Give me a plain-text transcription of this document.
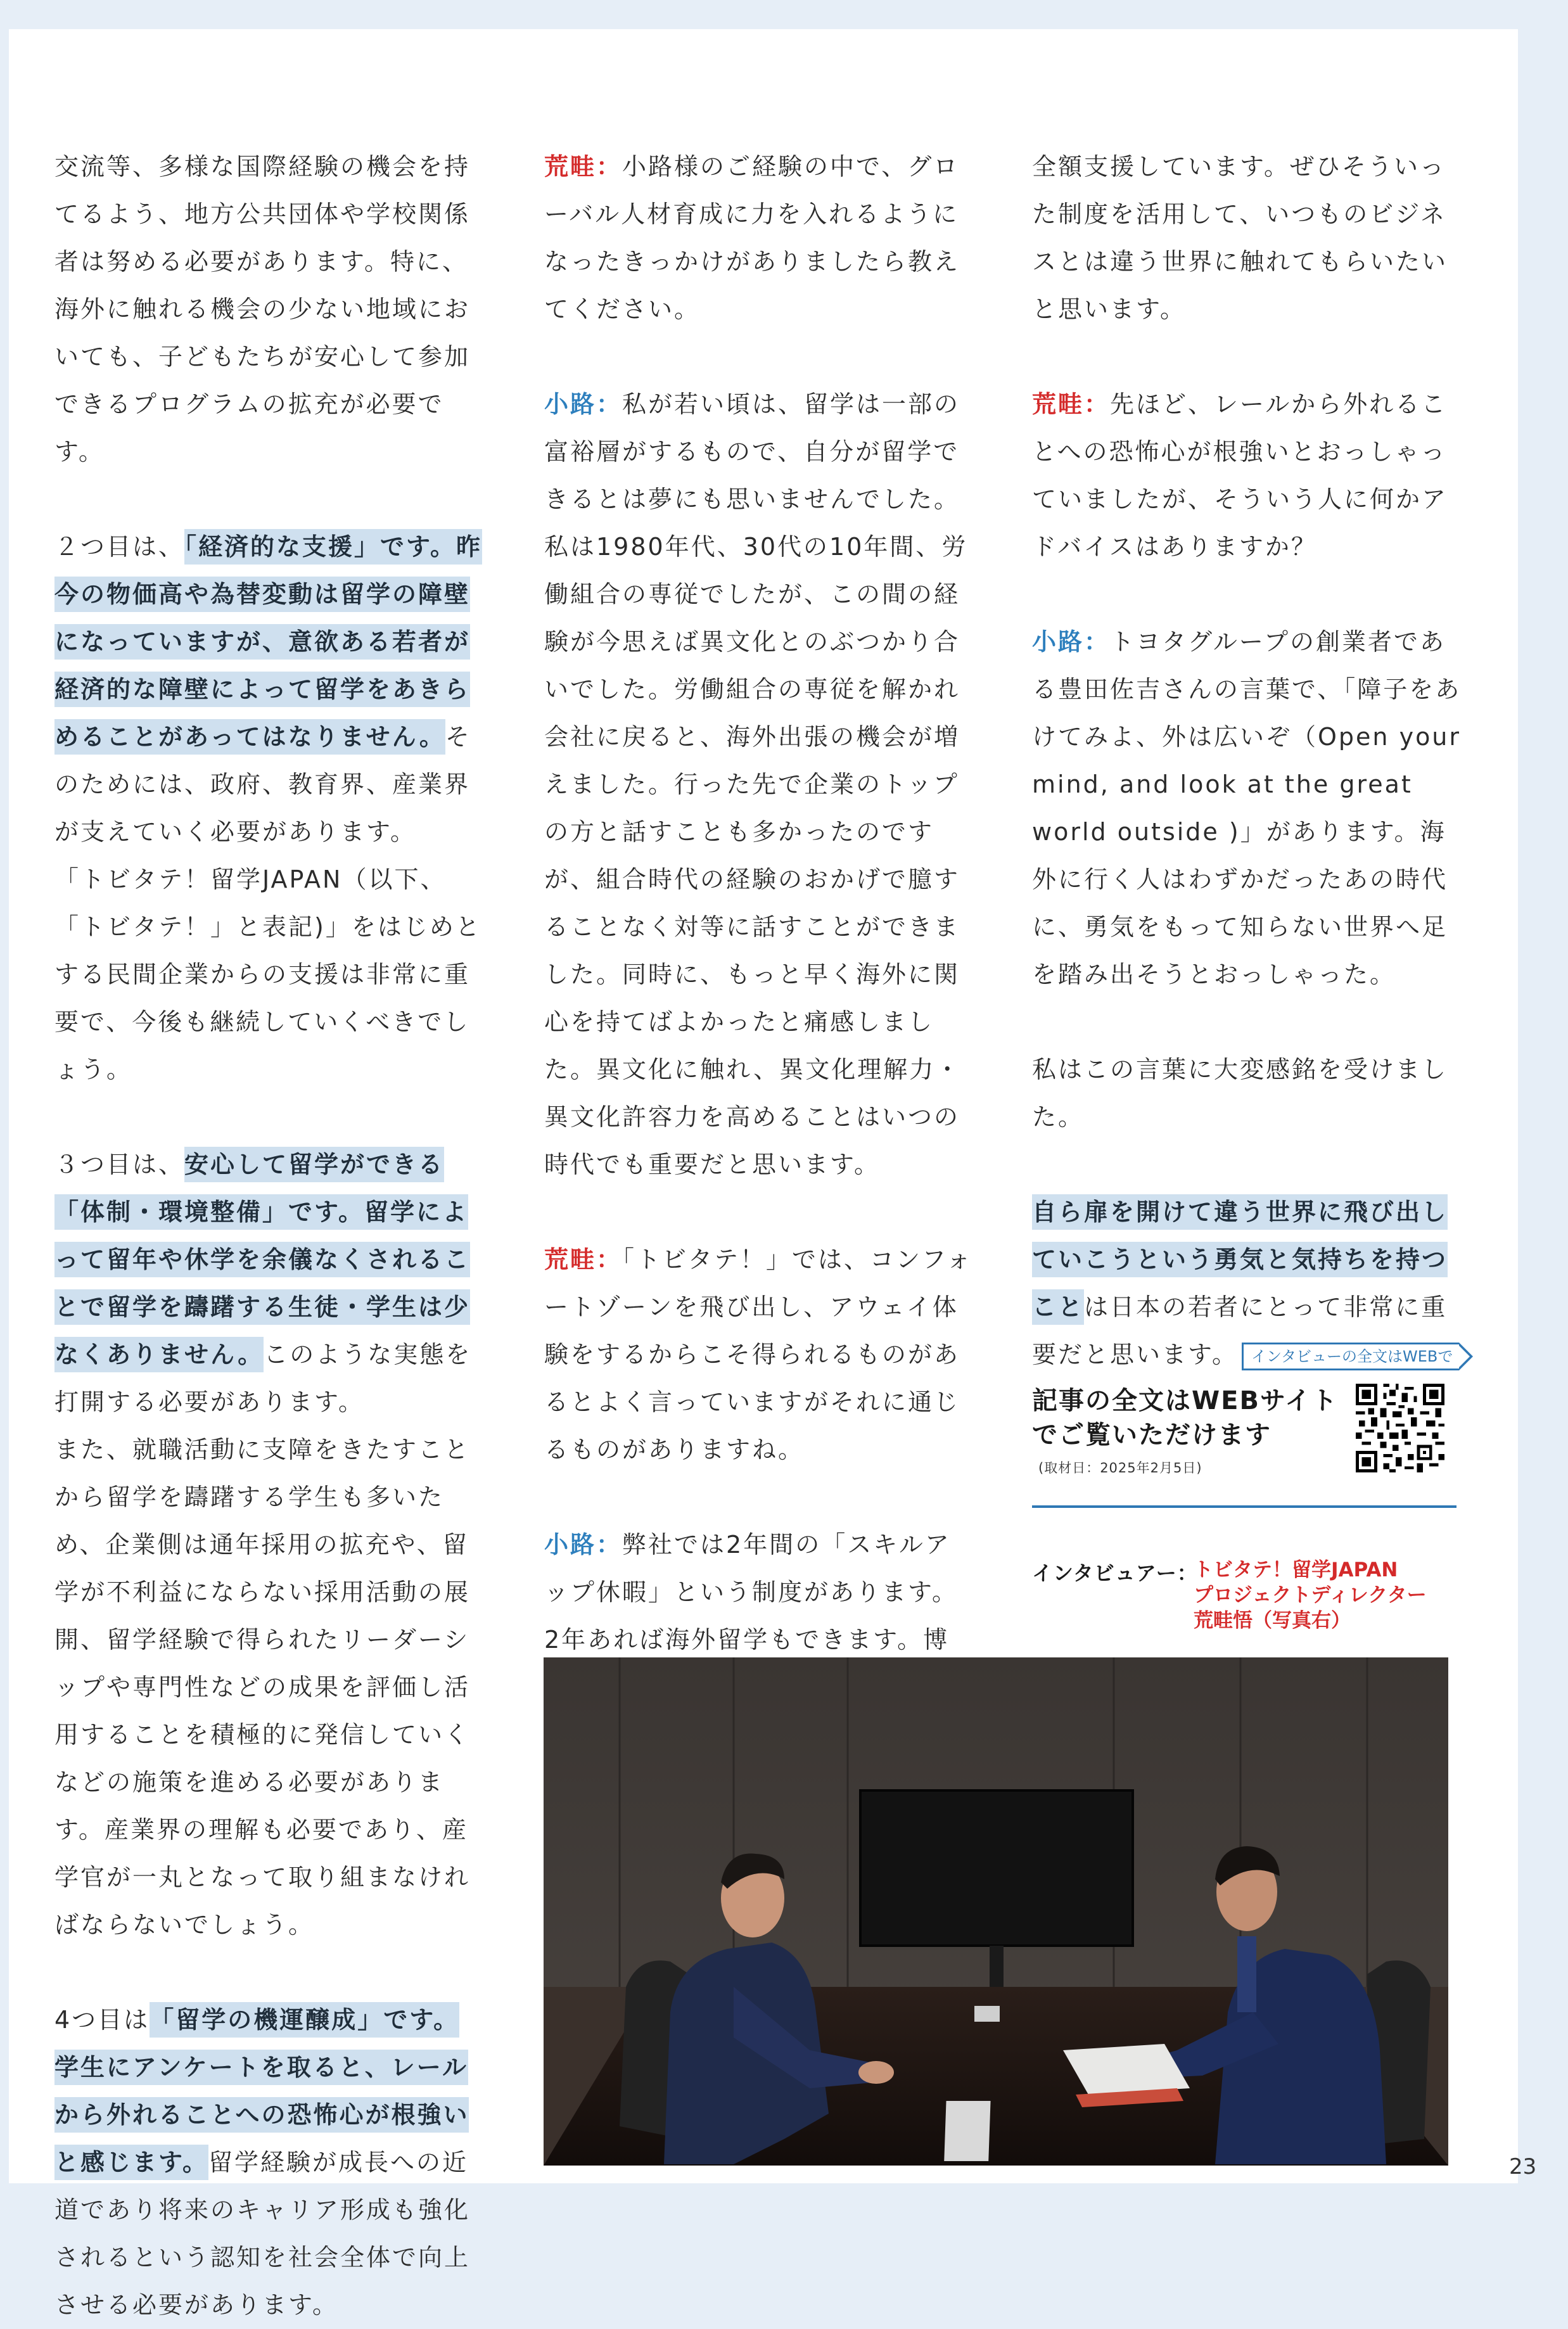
交流等、多様な国際経験の機会を持てるよう、地方公共団体や学校関係者は努める必要があります。特に、海外に触れる機会の少ない地域においても、子どもたちが安心して参加できるプログラムの拡充が必要です。

２つ目は、「経済的な支援」です。昨今の物価高や為替変動は留学の障壁になっていますが、意欲ある若者が経済的な障壁によって留学をあきらめることがあってはなりません。そのためには、政府、教育界、産業界が支えていく必要があります。

「トビタテ！留学JAPAN（以下、「トビタテ！」と表記)」をはじめとする民間企業からの支援は非常に重要で、今後も継続していくべきでしょう。

３つ目は、安心して留学ができる「体制・環境整備」です。留学によって留年や休学を余儀なくされることで留学を躊躇する生徒・学生は少なくありません。このような実態を打開する必要があります。

また、就職活動に支障をきたすことから留学を躊躇する学生も多いため、企業側は通年採用の拡充や、留学が不利益にならない採用活動の展開、留学経験で得られたリーダーシップや専門性などの成果を評価し活用することを積極的に発信していくなどの施策を進める必要があります。産業界の理解も必要であり、産学官が一丸となって取り組まなければならないでしょう。

4つ目は「留学の機運醸成」です。学生にアンケートを取ると、レールから外れることへの恐怖心が根強いと感じます。留学経験が成長への近道であり将来のキャリア形成も強化されるという認知を社会全体で向上させる必要があります。

荒畦：小路様のご経験の中で、グローバル人材育成に力を入れるようになったきっかけがありましたら教えてください。

小路：私が若い頃は、留学は一部の富裕層がするもので、自分が留学できるとは夢にも思いませんでした。

私は1980年代、30代の10年間、労働組合の専従でしたが、この間の経験が今思えば異文化とのぶつかり合いでした。労働組合の専従を解かれ会社に戻ると、海外出張の機会が増えました。行った先で企業のトップの方と話すことも多かったのですが、組合時代の経験のおかげで臆することなく対等に話すことができました。同時に、もっと早く海外に関心を持てばよかったと痛感しました。異文化に触れ、異文化理解力・異文化許容力を高めることはいつの時代でも重要だと思います。

荒畦：「トビタテ！」では、コンフォートゾーンを飛び出し、アウェイ体験をするからこそ得られるものがあるとよく言っていますがそれに通じるものがありますね。

小路：弊社では2年間の「スキルアップ休暇」という制度があります。2年あれば海外留学もできます。博

全額支援しています。ぜひそういった制度を活用して、いつものビジネスとは違う世界に触れてもらいたいと思います。

荒畦：先ほど、レールから外れることへの恐怖心が根強いとおっしゃっていましたが、そういう人に何かアドバイスはありますか？

小路：トヨタグループの創業者である豊田佐吉さんの言葉で、「障子をあけてみよ、外は広いぞ（Open your mind, and look at the great world outside )」があります。海外に行く人はわずかだったあの時代に、勇気をもって知らない世界へ足を踏み出そうとおっしゃった。

私はこの言葉に大変感銘を受けました。

自ら扉を開けて違う世界に飛び出していこうという勇気と気持ちを持つことは日本の若者にとって非常に重要だと思います。 インタビューの全文はWEBで

記事の全文はWEBサイト
でご覧いただけます
(取材日：2025年2月5日)
インタビュアー：
トビタテ！留学JAPAN
プロジェクトディレクター
荒畦悟（写真右）
23
